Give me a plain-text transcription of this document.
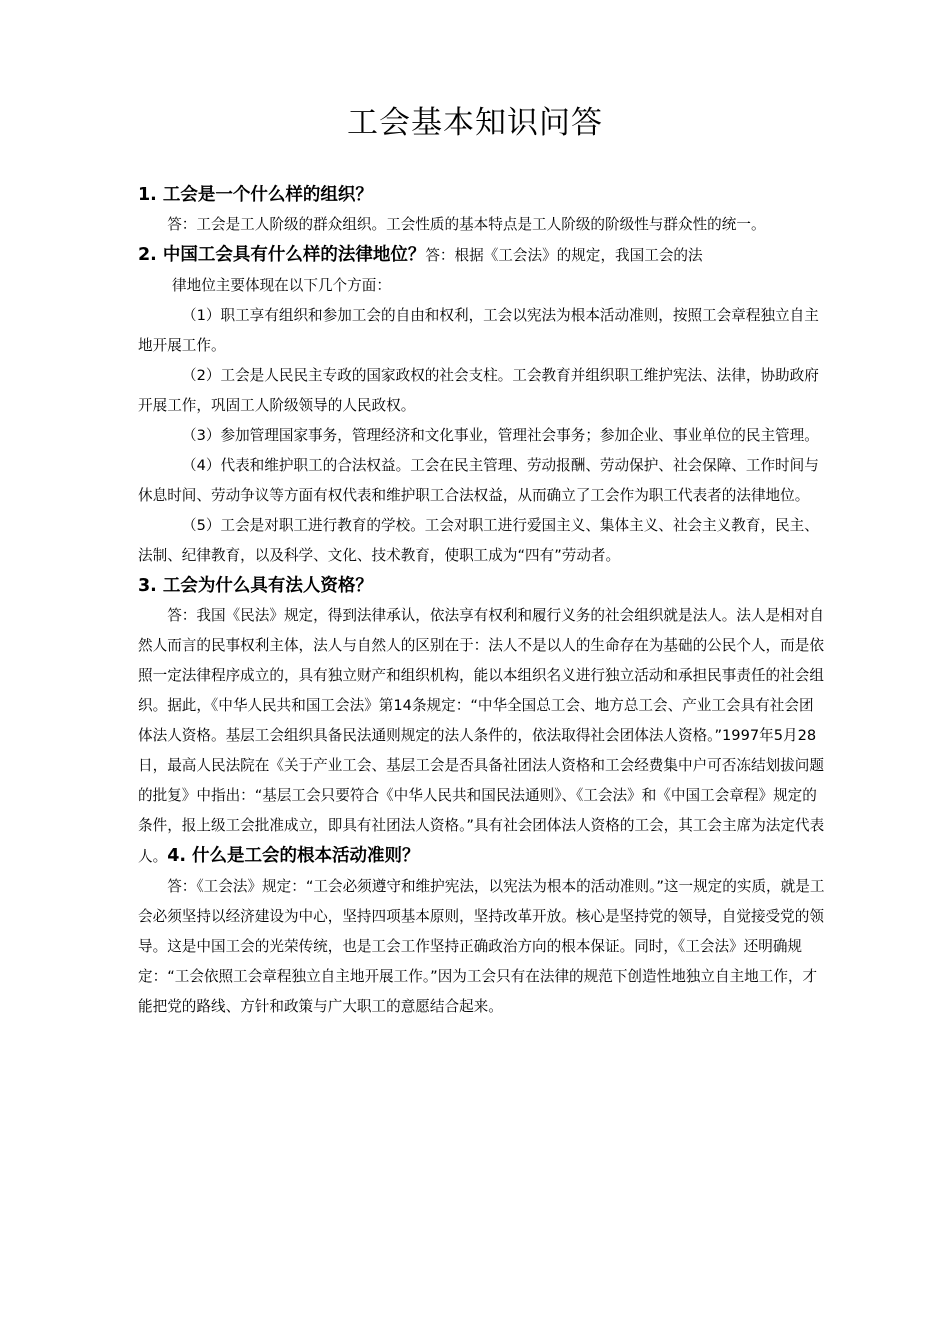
工会基本知识问答

1. 工会是一个什么样的组织？

答：工会是工人阶级的群众组织。工会性质的基本特点是工人阶级的阶级性与群众性的统一。

2. 中国工会具有什么样的法律地位？答：根据《工会法》的规定，我国工会的法

律地位主要体现在以下几个方面：

（1）职工享有组织和参加工会的自由和权利，工会以宪法为根本活动准则，按照工会章程独立自主地开展工作。

（2）工会是人民民主专政的国家政权的社会支柱。工会教育并组织职工维护宪法、法律，协助政府开展工作，巩固工人阶级领导的人民政权。

（3）参加管理国家事务，管理经济和文化事业，管理社会事务；参加企业、事业单位的民主管理。

（4）代表和维护职工的合法权益。工会在民主管理、劳动报酬、劳动保护、社会保障、工作时间与休息时间、劳动争议等方面有权代表和维护职工合法权益，从而确立了工会作为职工代表者的法律地位。

（5）工会是对职工进行教育的学校。工会对职工进行爱国主义、集体主义、社会主义教育，民主、法制、纪律教育，以及科学、文化、技术教育，使职工成为“四有”劳动者。

3. 工会为什么具有法人资格？

答：我国《民法》规定，得到法律承认，依法享有权利和履行义务的社会组织就是法人。法人是相对自然人而言的民事权利主体，法人与自然人的区别在于：法人不是以人的生命存在为基础的公民个人，而是依照一定法律程序成立的，具有独立财产和组织机构，能以本组织名义进行独立活动和承担民事责任的社会组织。据此，《中华人民共和国工会法》第14条规定：“中华全国总工会、地方总工会、产业工会具有社会团体法人资格。基层工会组织具备民法通则规定的法人条件的，依法取得社会团体法人资格。”1997年5月28日，最高人民法院在《关于产业工会、基层工会是否具备社团法人资格和工会经费集中户可否冻结划拔问题的批复》中指出：“基层工会只要符合《中华人民共和国民法通则》、《工会法》和《中国工会章程》规定的条件，报上级工会批准成立，即具有社团法人资格。”具有社会团体法人资格的工会，其工会主席为法定代表人。4. 什么是工会的根本活动准则？

答：《工会法》规定：“工会必须遵守和维护宪法，以宪法为根本的活动准则。”这一规定的实质，就是工会必须坚持以经济建设为中心，坚持四项基本原则，坚持改革开放。核心是坚持党的领导，自觉接受党的领导。这是中国工会的光荣传统，也是工会工作坚持正确政治方向的根本保证。同时，《工会法》还明确规定：“工会依照工会章程独立自主地开展工作。”因为工会只有在法律的规范下创造性地独立自主地工作，才能把党的路线、方针和政策与广大职工的意愿结合起来。
